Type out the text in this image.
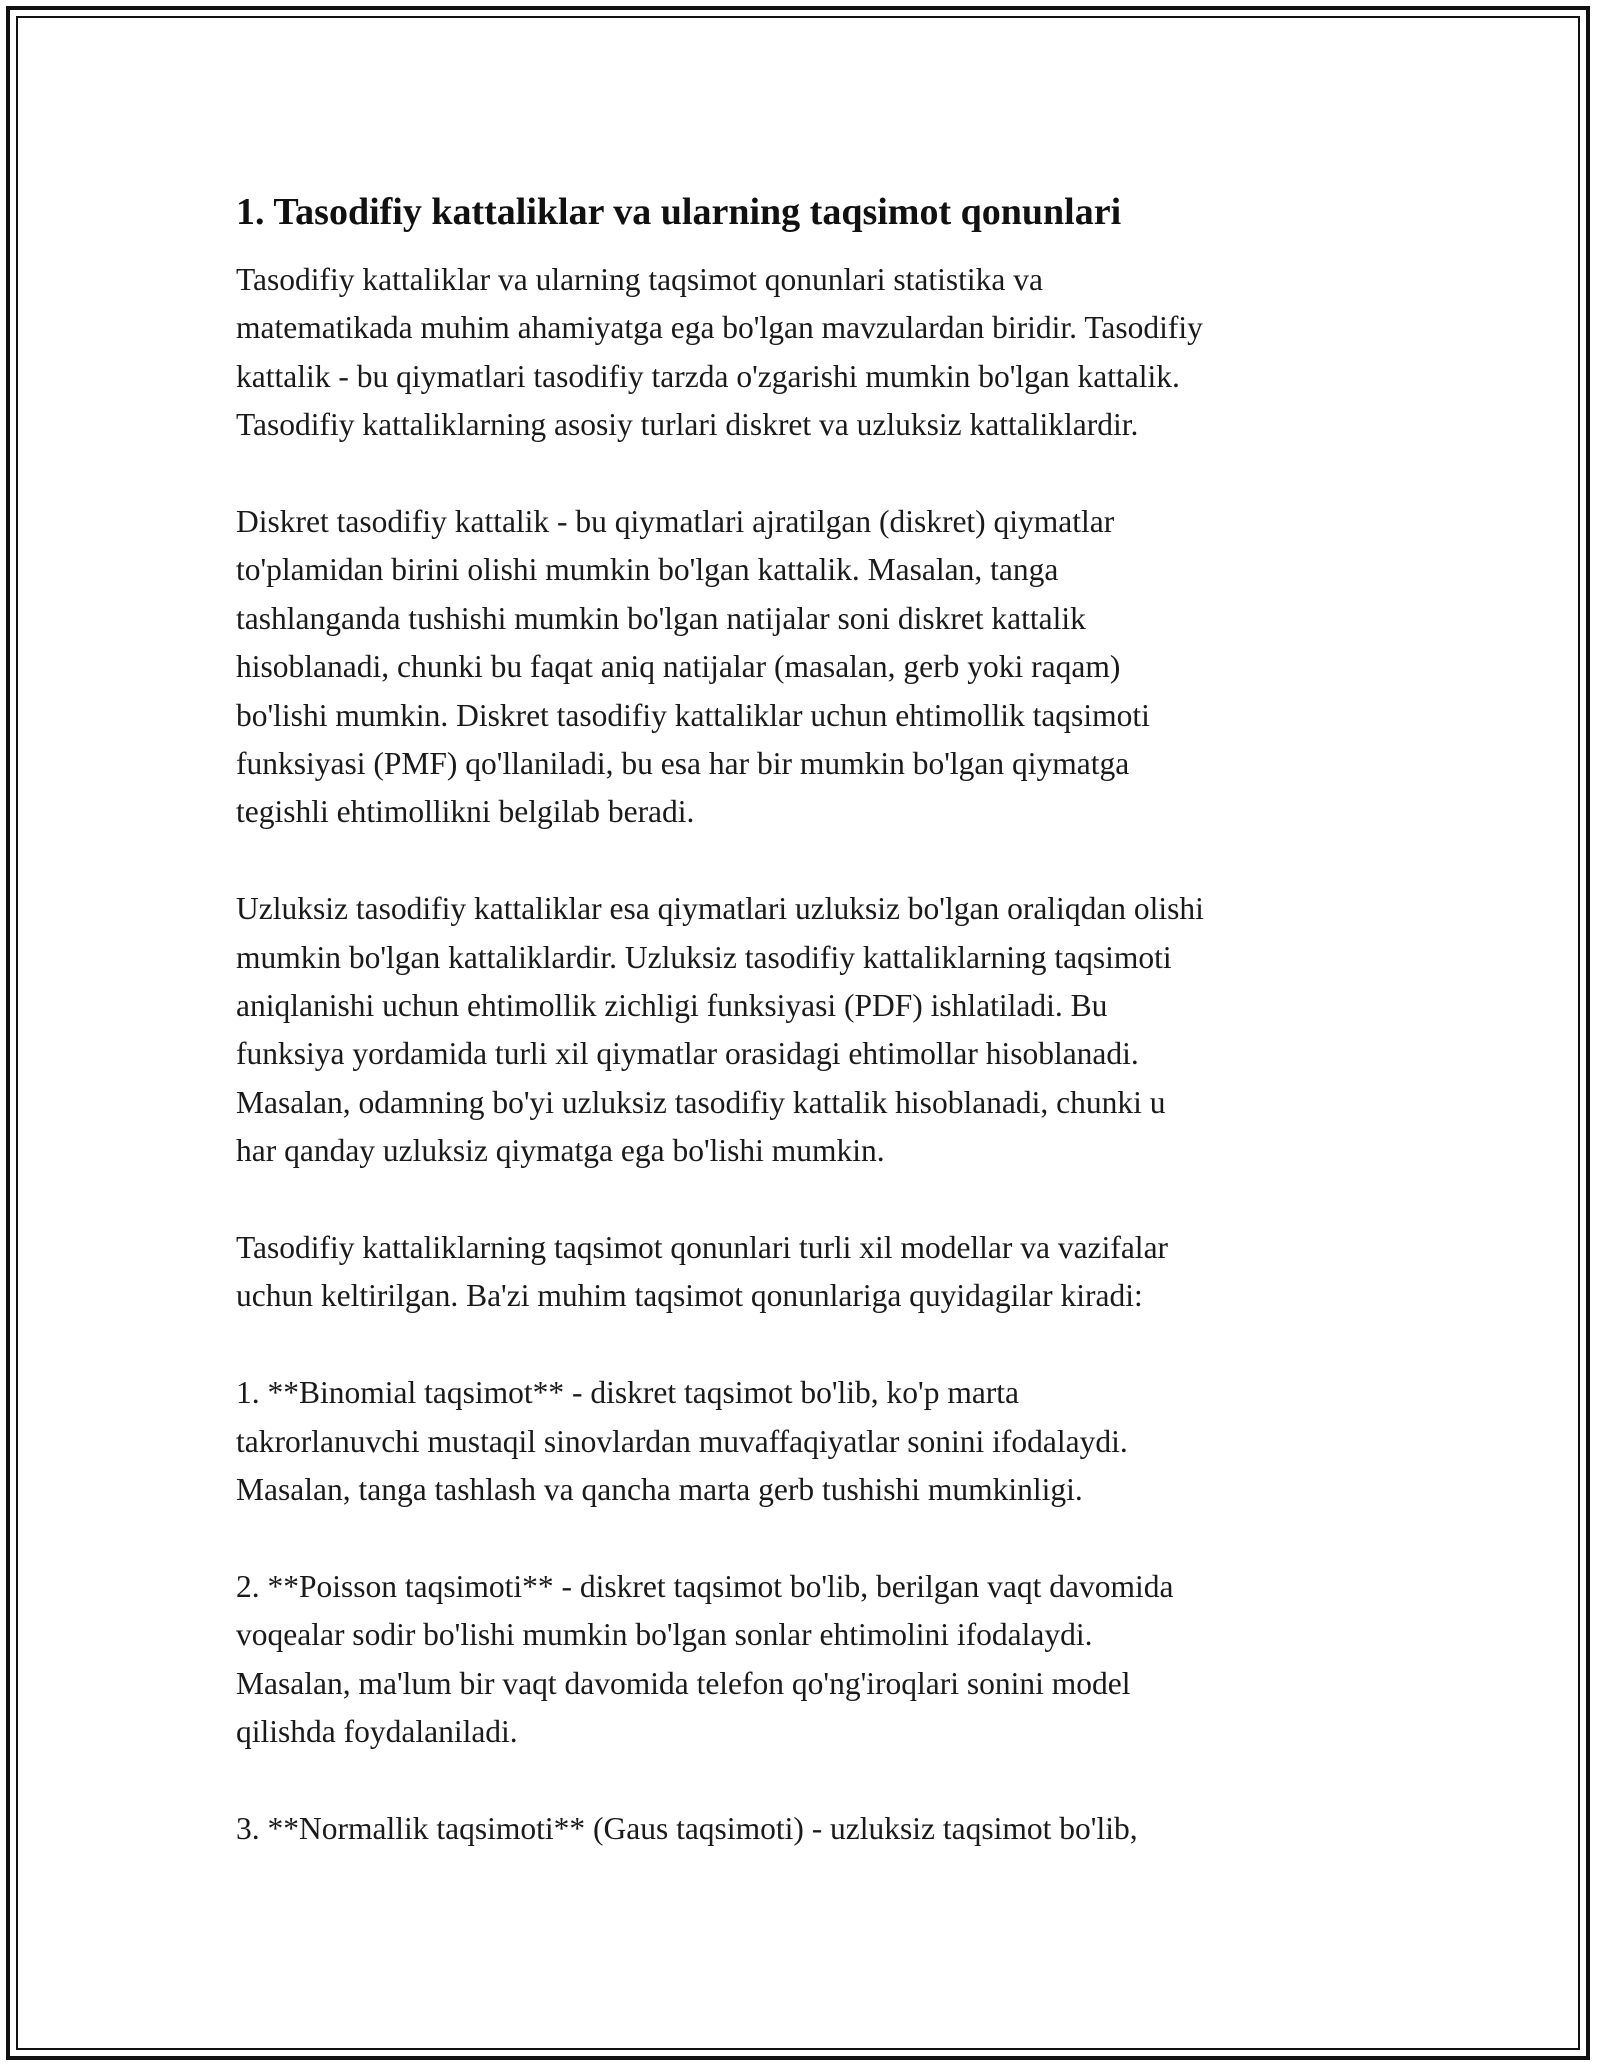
1. Tasodifiy kattaliklar va ularning taqsimot qonunlari
Tasodifiy kattaliklar va ularning taqsimot qonunlari statistika va
matematikada muhim ahamiyatga ega bo'lgan mavzulardan biridir. Tasodifiy
kattalik - bu qiymatlari tasodifiy tarzda o'zgarishi mumkin bo'lgan kattalik.
Tasodifiy kattaliklarning asosiy turlari diskret va uzluksiz kattaliklardir.
Diskret tasodifiy kattalik - bu qiymatlari ajratilgan (diskret) qiymatlar
to'plamidan birini olishi mumkin bo'lgan kattalik. Masalan, tanga
tashlanganda tushishi mumkin bo'lgan natijalar soni diskret kattalik
hisoblanadi, chunki bu faqat aniq natijalar (masalan, gerb yoki raqam)
bo'lishi mumkin. Diskret tasodifiy kattaliklar uchun ehtimollik taqsimoti
funksiyasi (PMF) qo'llaniladi, bu esa har bir mumkin bo'lgan qiymatga
tegishli ehtimollikni belgilab beradi.
Uzluksiz tasodifiy kattaliklar esa qiymatlari uzluksiz bo'lgan oraliqdan olishi
mumkin bo'lgan kattaliklardir. Uzluksiz tasodifiy kattaliklarning taqsimoti
aniqlanishi uchun ehtimollik zichligi funksiyasi (PDF) ishlatiladi. Bu
funksiya yordamida turli xil qiymatlar orasidagi ehtimollar hisoblanadi.
Masalan, odamning bo'yi uzluksiz tasodifiy kattalik hisoblanadi, chunki u
har qanday uzluksiz qiymatga ega bo'lishi mumkin.
Tasodifiy kattaliklarning taqsimot qonunlari turli xil modellar va vazifalar
uchun keltirilgan. Ba'zi muhim taqsimot qonunlariga quyidagilar kiradi:
1. **Binomial taqsimot** - diskret taqsimot bo'lib, ko'p marta
takrorlanuvchi mustaqil sinovlardan muvaffaqiyatlar sonini ifodalaydi.
Masalan, tanga tashlash va qancha marta gerb tushishi mumkinligi.
2. **Poisson taqsimoti** - diskret taqsimot bo'lib, berilgan vaqt davomida
voqealar sodir bo'lishi mumkin bo'lgan sonlar ehtimolini ifodalaydi.
Masalan, ma'lum bir vaqt davomida telefon qo'ng'iroqlari sonini model
qilishda foydalaniladi.
3. **Normallik taqsimoti** (Gaus taqsimoti) - uzluksiz taqsimot bo'lib,
